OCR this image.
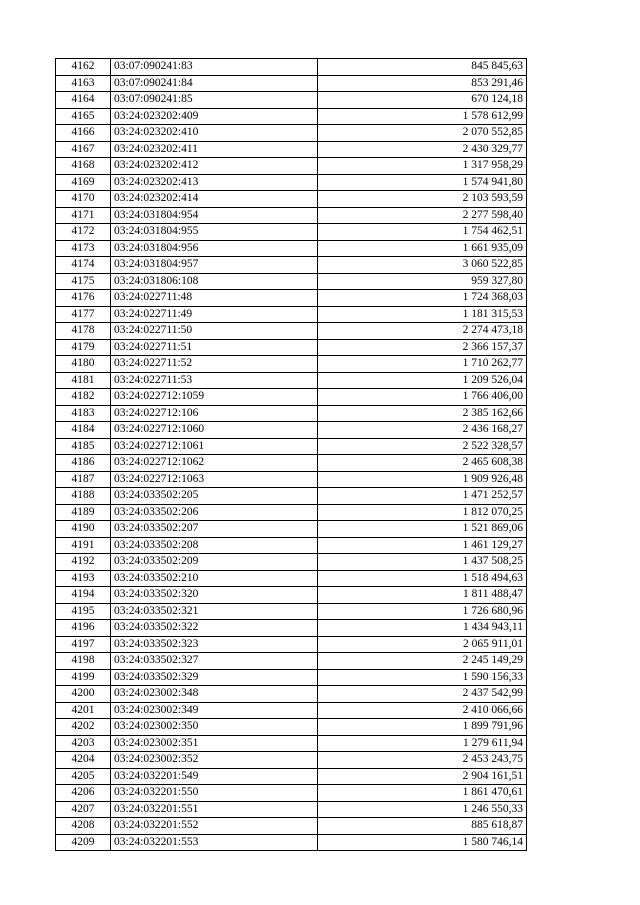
4162	03:07:090241:83	845 845,63
4163	03:07:090241:84	853 291,46
4164	03:07:090241:85	670 124,18
4165	03:24:023202:409	1 578 612,99
4166	03:24:023202:410	2 070 552,85
4167	03:24:023202:411	2 430 329,77
4168	03:24:023202:412	1 317 958,29
4169	03:24:023202:413	1 574 941,80
4170	03:24:023202:414	2 103 593,59
4171	03:24:031804:954	2 277 598,40
4172	03:24:031804:955	1 754 462,51
4173	03:24:031804:956	1 661 935,09
4174	03:24:031804:957	3 060 522,85
4175	03:24:031806:108	959 327,80
4176	03:24:022711:48	1 724 368,03
4177	03:24:022711:49	1 181 315,53
4178	03:24:022711:50	2 274 473,18
4179	03:24:022711:51	2 366 157,37
4180	03:24:022711:52	1 710 262,77
4181	03:24:022711:53	1 209 526,04
4182	03:24:022712:1059	1 766 406,00
4183	03:24:022712:106	2 385 162,66
4184	03:24:022712:1060	2 436 168,27
4185	03:24:022712:1061	2 522 328,57
4186	03:24:022712:1062	2 465 608,38
4187	03:24:022712:1063	1 909 926,48
4188	03:24:033502:205	1 471 252,57
4189	03:24:033502:206	1 812 070,25
4190	03:24:033502:207	1 521 869,06
4191	03:24:033502:208	1 461 129,27
4192	03:24:033502:209	1 437 508,25
4193	03:24:033502:210	1 518 494,63
4194	03:24:033502:320	1 811 488,47
4195	03:24:033502:321	1 726 680,96
4196	03:24:033502:322	1 434 943,11
4197	03:24:033502:323	2 065 911,01
4198	03:24:033502:327	2 245 149,29
4199	03:24:033502:329	1 590 156,33
4200	03:24:023002:348	2 437 542,99
4201	03:24:023002:349	2 410 066,66
4202	03:24:023002:350	1 899 791,96
4203	03:24:023002:351	1 279 611,94
4204	03:24:023002:352	2 453 243,75
4205	03:24:032201:549	2 904 161,51
4206	03:24:032201:550	1 861 470,61
4207	03:24:032201:551	1 246 550,33
4208	03:24:032201:552	885 618,87
4209	03:24:032201:553	1 580 746,14
